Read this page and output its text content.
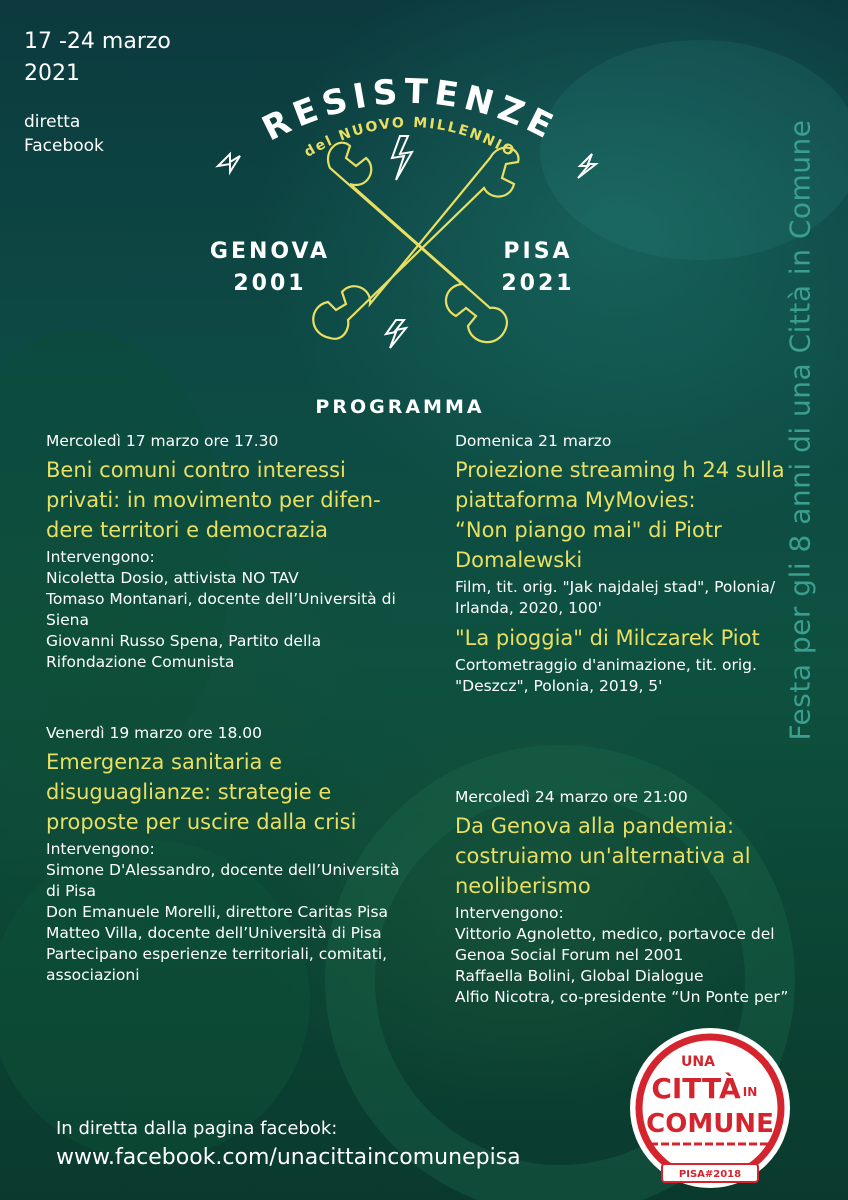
17 -24 marzo
2021
diretta
Facebook	RESISTENZE
del NUOVO MILLENNIO
GENOVA
2001
PISA
2021	Festa per gli 8 anni di una Città in Comune
PROGRAMMA
Mercoledì 17 marzo ore 17.30
Beni comuni contro interessi
privati: in movimento per difen-
dere territori e democrazia
Intervengono:
Nicoletta Dosio, attivista NO TAV
Tomaso Montanari, docente dell’Università di
Siena
Giovanni Russo Spena, Partito della
Rifondazione Comunista
Venerdì 19 marzo ore 18.00
Emergenza sanitaria e
disuguaglianze: strategie e
proposte per uscire dalla crisi
Intervengono:
Simone D'Alessandro, docente dell’Università
di Pisa
Don Emanuele Morelli, direttore Caritas Pisa
Matteo Villa, docente dell’Università di Pisa
Partecipano esperienze territoriali, comitati,
associazioni
Domenica 21 marzo
Proiezione streaming h 24 sulla
piattaforma MyMovies:
“Non piango mai" di Piotr
Domalewski
Film, tit. orig. "Jak najdalej stad", Polonia/
Irlanda, 2020, 100'
"La pioggia" di Milczarek Piot
Cortometraggio d'animazione, tit. orig.
"Deszcz", Polonia, 2019, 5'
Mercoledì 24 marzo ore 21:00
Da Genova alla pandemia:
costruiamo un'alternativa al
neoliberismo
Intervengono:
Vittorio Agnoletto, medico, portavoce del
Genoa Social Forum nel 2001
Raffaella Bolini, Global Dialogue
Alfio Nicotra, co-presidente “Un Ponte per”
PISA#2018
UNA
CITTÀ IN
COMUNE
In diretta dalla pagina facebok:
www.facebook.com/unacittaincomunepisa
